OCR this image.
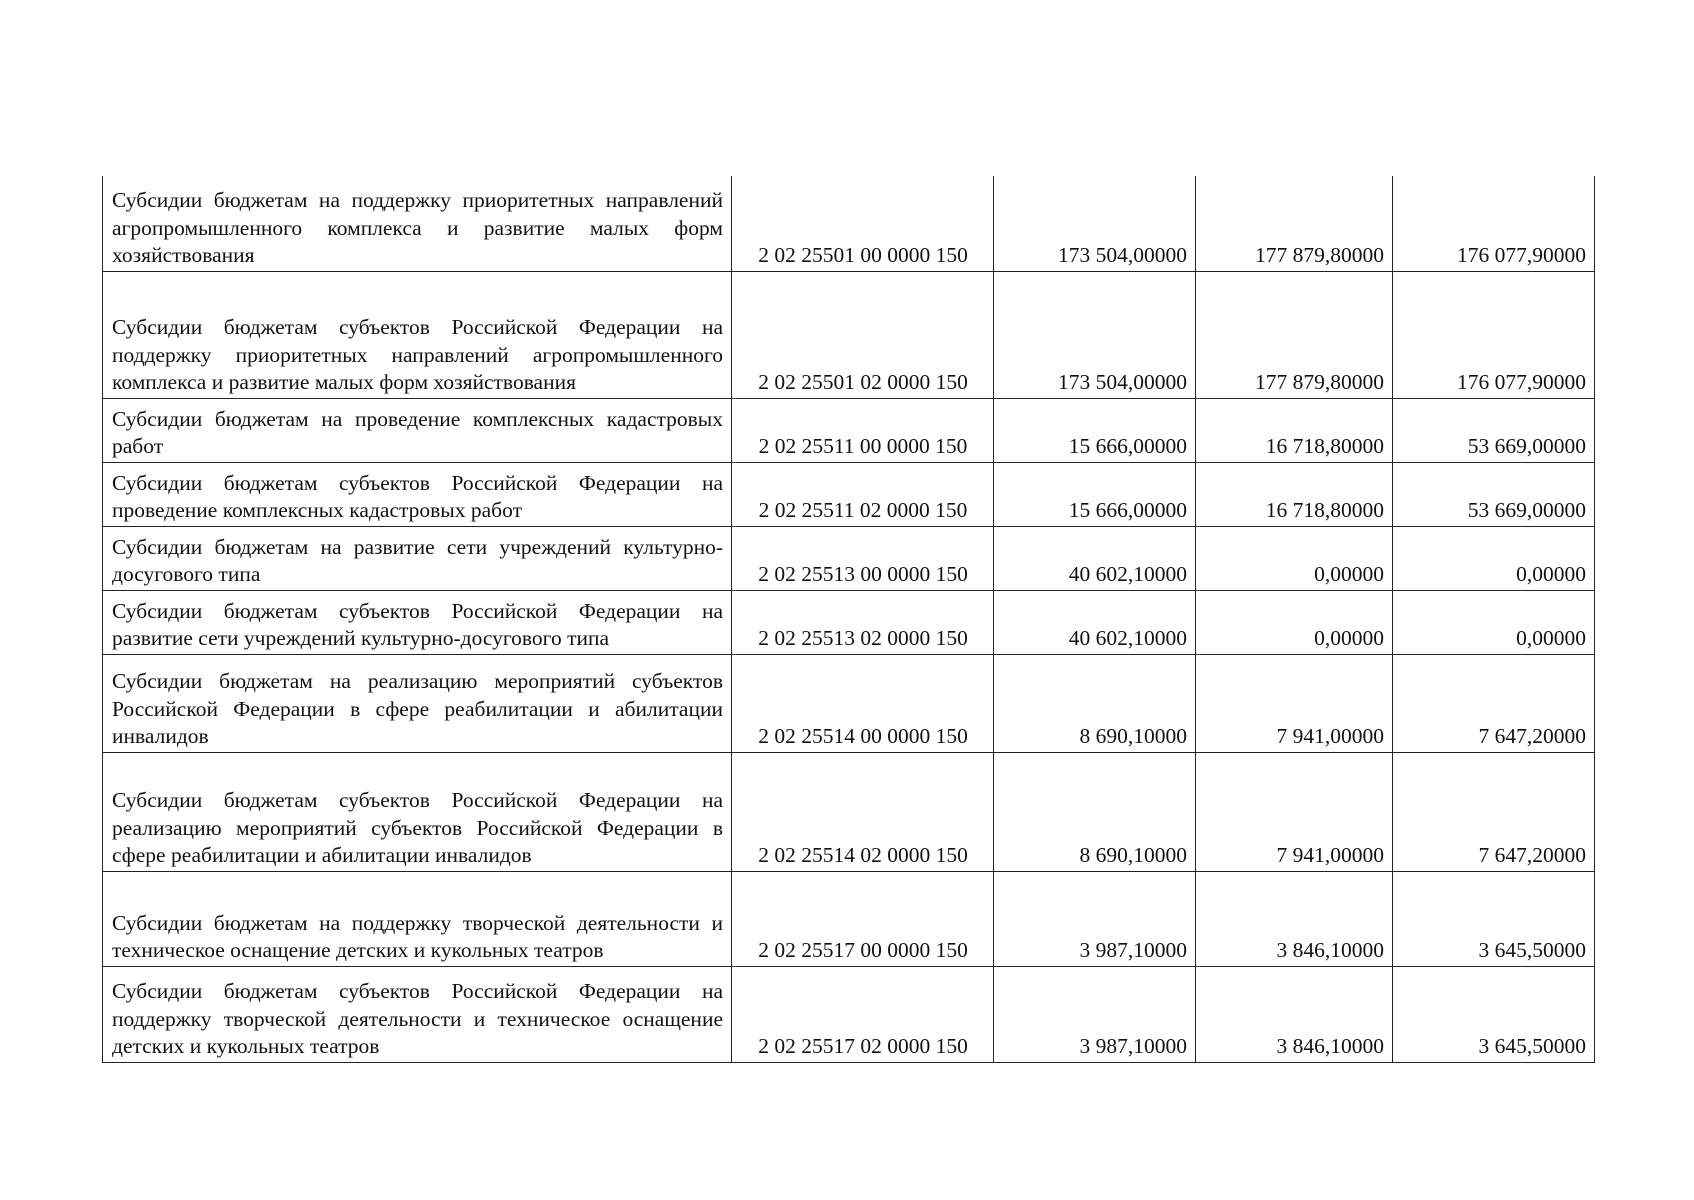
Субсидии бюджетам на поддержку приоритетных направлений агропромышленного комплекса и развитие малых форм хозяйствования	2 02 25501 00 0000 150	173 504,00000	177 879,80000	176 077,90000

Субсидии бюджетам субъектов Российской Федерации на поддержку приоритетных направлений агропромышленного комплекса и развитие малых форм хозяйствования	2 02 25501 02 0000 150	173 504,00000	177 879,80000	176 077,90000

Субсидии бюджетам на проведение комплексных кадастровых работ	2 02 25511 00 0000 150	15 666,00000	16 718,80000	53 669,00000

Субсидии бюджетам субъектов Российской Федерации на проведение комплексных кадастровых работ	2 02 25511 02 0000 150	15 666,00000	16 718,80000	53 669,00000

Субсидии бюджетам на развитие сети учреждений культурно-досугового типа	2 02 25513 00 0000 150	40 602,10000	0,00000	0,00000

Субсидии бюджетам субъектов Российской Федерации на развитие сети учреждений культурно-досугового типа	2 02 25513 02 0000 150	40 602,10000	0,00000	0,00000

Субсидии бюджетам на реализацию мероприятий субъектов Российской Федерации в сфере реабилитации и абилитации инвалидов	2 02 25514 00 0000 150	8 690,10000	7 941,00000	7 647,20000

Субсидии бюджетам субъектов Российской Федерации на реализацию мероприятий субъектов Российской Федерации в сфере реабилитации и абилитации инвалидов	2 02 25514 02 0000 150	8 690,10000	7 941,00000	7 647,20000

Субсидии бюджетам на поддержку творческой деятельности и техническое оснащение детских и кукольных театров	2 02 25517 00 0000 150	3 987,10000	3 846,10000	3 645,50000

Субсидии бюджетам субъектов Российской Федерации на поддержку творческой деятельности и техническое оснащение детских и кукольных театров	2 02 25517 02 0000 150	3 987,10000	3 846,10000	3 645,50000
